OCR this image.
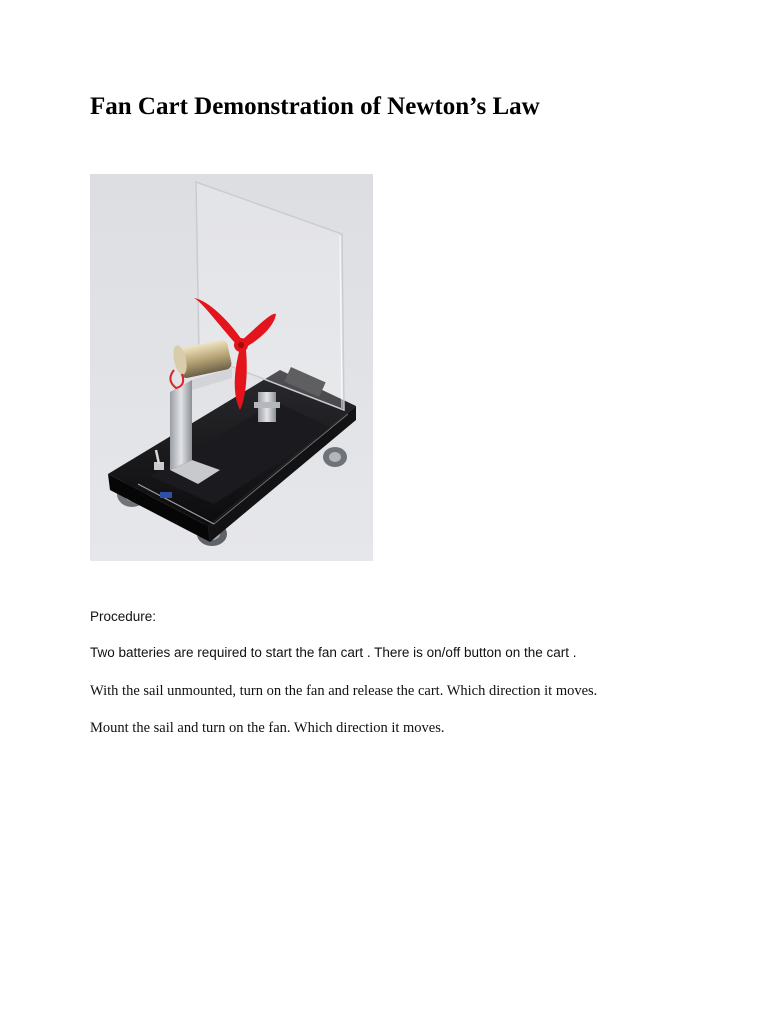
Fan Cart Demonstration of Newton’s Law

Procedure:

Two batteries are required to start the fan cart . There is on/off button on the cart .

With the sail unmounted, turn on the fan and release the cart. Which direction it moves.

Mount the sail and turn on the fan. Which direction it moves.
